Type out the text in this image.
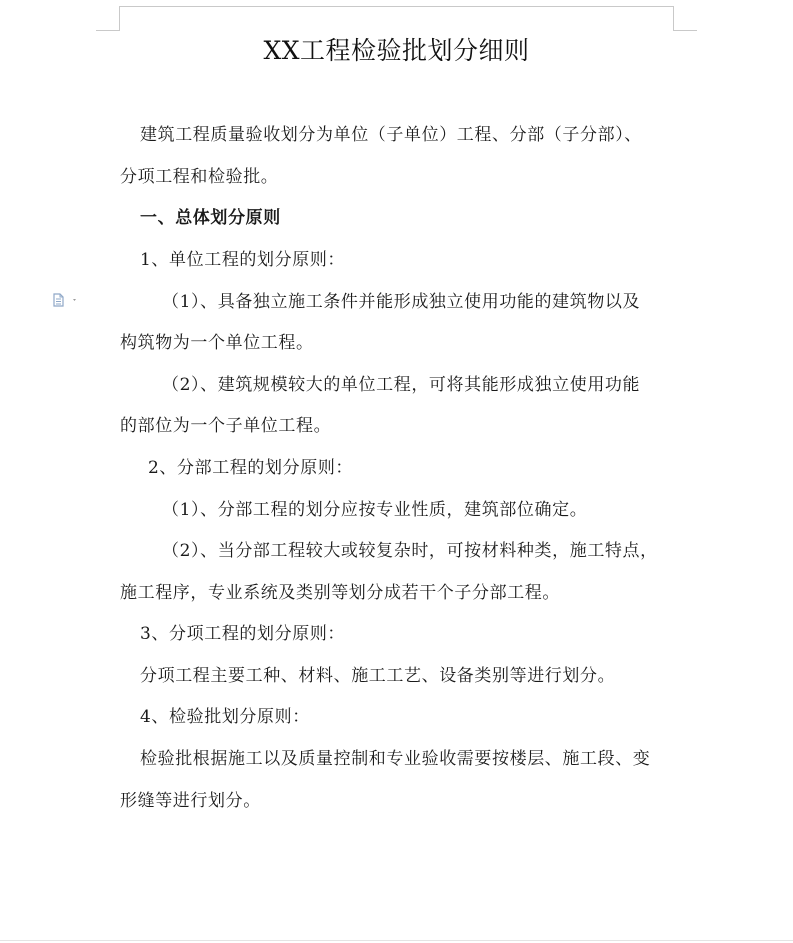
XX工程检验批划分细则
建筑工程质量验收划分为单位（子单位）工程、分部（子分部）、
分项工程和检验批。
一、总体划分原则
1、单位工程的划分原则：
（1）、具备独立施工条件并能形成独立使用功能的建筑物以及
构筑物为一个单位工程。
（2）、建筑规模较大的单位工程，可将其能形成独立使用功能
的部位为一个子单位工程。
2、分部工程的划分原则：
（1）、分部工程的划分应按专业性质，建筑部位确定。
（2）、当分部工程较大或较复杂时，可按材料种类，施工特点，
施工程序，专业系统及类别等划分成若干个子分部工程。
3、分项工程的划分原则：
分项工程主要工种、材料、施工工艺、设备类别等进行划分。
4、检验批划分原则：
检验批根据施工以及质量控制和专业验收需要按楼层、施工段、变
形缝等进行划分。
